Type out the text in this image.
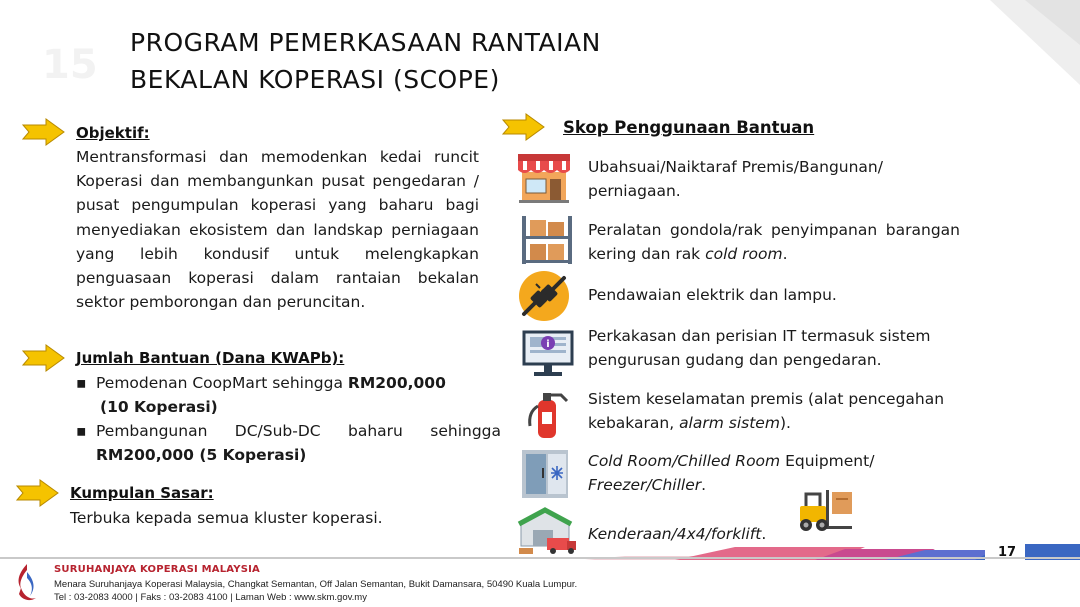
15 PROGRAM PEMERKASAAN RANTAIAN
BEKALAN KOPERASI (SCOPE)
Objektif:
Mentransformasi dan memodenkan kedai runcit Koperasi dan membangunkan pusat pengedaran / pusat pengumpulan koperasi yang baharu bagi menyediakan ekosistem dan landskap perniagaan yang lebih kondusif untuk melengkapkan penguasaan koperasi dalam rantaian bekalan sektor pemborongan dan peruncitan.
Jumlah Bantuan (Dana KWAPb):
▪ Pemodenan CoopMart sehingga RM200,000
(10 Koperasi)
▪ Pembangunan DC/Sub-DC baharu sehingga
RM200,000 (5 Koperasi)
Kumpulan Sasar:
Terbuka kepada semua kluster koperasi.
Skop Penggunaan Bantuan
Ubahsuai/Naiktaraf Premis/Bangunan/
perniagaan.
Peralatan gondola/rak penyimpanan barangan kering dan rak cold room.
Pendawaian elektrik dan lampu.
i Perkakasan dan perisian IT termasuk sistem pengurusan gudang dan pengedaran.
Sistem keselamatan premis (alat pencegahan kebakaran, alarm sistem).
Cold Room/Chilled Room Equipment/
Freezer/Chiller.
Kenderaan/4x4/forklift.
17
SURUHANJAYA KOPERASI MALAYSIA
Menara Suruhanjaya Koperasi Malaysia, Changkat Semantan, Off Jalan Semantan, Bukit Damansara, 50490 Kuala Lumpur.
Tel : 03-2083 4000 | Faks : 03-2083 4100 | Laman Web : www.skm.gov.my
